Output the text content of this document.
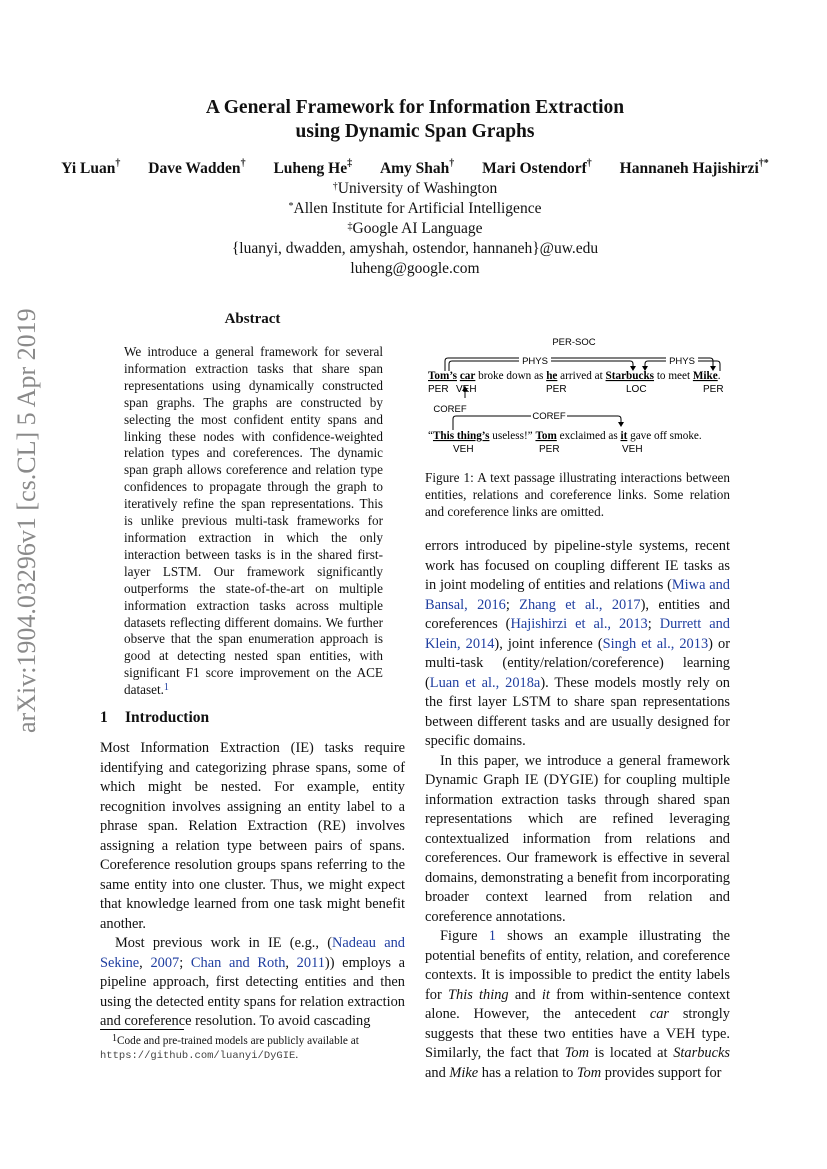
arXiv:1904.03296v1 [cs.CL] 5 Apr 2019
A General Framework for Information Extraction
using Dynamic Span Graphs
Yi Luan† Dave Wadden† Luheng He‡ Amy Shah† Mari Ostendorf† Hannaneh Hajishirzi†*
†University of Washington
*Allen Institute for Artificial Intelligence
‡Google AI Language
{luanyi, dwadden, amyshah, ostendor, hannaneh}@uw.edu
luheng@google.com
Abstract
We introduce a general framework for several information extraction tasks that share span representations using dynamically constructed span graphs. The graphs are constructed by selecting the most confident entity spans and linking these nodes with confidence-weighted relation types and coreferences. The dynamic span graph allows coreference and relation type confidences to propagate through the graph to iteratively refine the span representations. This is unlike previous multi-task frameworks for information extraction in which the only interaction between tasks is in the shared first-layer LSTM. Our framework significantly outperforms the state-of-the-art on multiple information extraction tasks across multiple datasets reflecting different domains. We further observe that the span enumeration approach is good at detecting nested span entities, with significant F1 score improvement on the ACE dataset.$^1$
1 Introduction

Most Information Extraction (IE) tasks require identifying and categorizing phrase spans, some of which might be nested. For example, entity recognition involves assigning an entity label to a phrase span. Relation Extraction (RE) involves assigning a relation type between pairs of spans. Coreference resolution groups spans referring to the same entity into one cluster. Thus, we might expect that knowledge learned from one task might benefit another.

Most previous work in IE (e.g., (Nadeau and Sekine, 2007; Chan and Roth, 2011)) employs a pipeline approach, first detecting entities and then using the detected entity spans for relation extraction and coreference resolution. To avoid cascading

$^1$Code and pre-trained models are publicly available at https://github.com/luanyi/DyGIE.
PER-SOC
PHYS	PHYS
COREF
COREF
Tom’s car broke down as he arrived at Starbucks to meet Mike.
PER VEH	PER	LOC	PER
“This thing’s useless!” Tom exclaimed as it gave off smoke.
VEH	PER	VEH
Figure 1: A text passage illustrating interactions between entities, relations and coreference links. Some relation and coreference links are omitted.

errors introduced by pipeline-style systems, recent work has focused on coupling different IE tasks as in joint modeling of entities and relations (Miwa and Bansal, 2016; Zhang et al., 2017), entities and coreferences (Hajishirzi et al., 2013; Durrett and Klein, 2014), joint inference (Singh et al., 2013) or multi-task (entity/relation/coreference) learning (Luan et al., 2018a). These models mostly rely on the first layer LSTM to share span representations between different tasks and are usually designed for specific domains.

In this paper, we introduce a general framework Dynamic Graph IE (DYGIE) for coupling multiple information extraction tasks through shared span representations which are refined leveraging contextualized information from relations and coreferences. Our framework is effective in several domains, demonstrating a benefit from incorporating broader context learned from relation and coreference annotations.

Figure 1 shows an example illustrating the potential benefits of entity, relation, and coreference contexts. It is impossible to predict the entity labels for This thing and it from within-sentence context alone. However, the antecedent car strongly suggests that these two entities have a VEH type. Similarly, the fact that Tom is located at Starbucks and Mike has a relation to Tom provides support for
